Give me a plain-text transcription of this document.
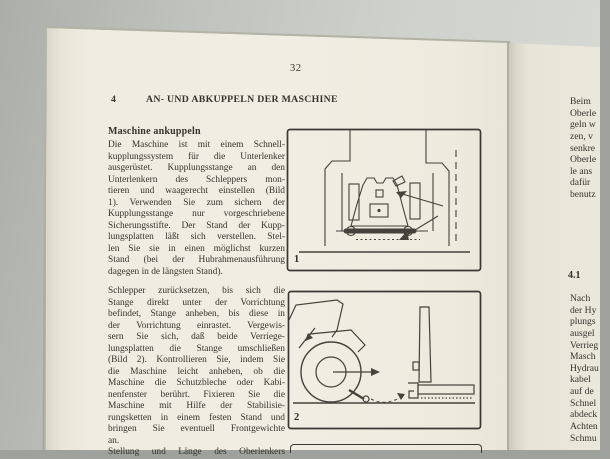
32
4	AN- UND ABKUPPELN DER MASCHINE
Maschine ankuppeln
Die Maschine ist mit einem Schnell-
kupplungssystem für die Unterlenker
ausgerüstet. Kupplungsstange an den
Unterlenkern des Schleppers mon-
tieren und waagerecht einstellen (Bild
1). Verwenden Sie zum sichern der
Kupplungsstange nur vorgeschriebene
Sicherungsstifte. Der Stand der Kupp-
lungsplatten läßt sich verstellen. Stel-
len Sie sie in einen möglichst kurzen
Stand (bei der Hubrahmenausführung
dagegen in de längsten Stand).
Schlepper zurücksetzen, bis sich die
Stange direkt unter der Vorrichtung
befindet, Stange anheben, bis diese in
der Vorrichtung einrastet. Vergewis-
sern Sie sich, daß beide Verriege-
lungsplatten die Stange umschließen
(Bild 2). Kontrollieren Sie, indem Sie
die Maschine leicht anheben, ob die
Maschine die Schutzbleche oder Kabi-
nenfenster berührt. Fixieren Sie die
Maschine mit Hilfe der Stabilisie-
rungsketten in einem festen Stand und
bringen Sie eventuell Frontgewichte
an.
Stellung und Länge des Oberlenkers
1
2
Beim
Oberle
geln w
zen, v
senkre
Oberle
le ans
dafür
benutz
4.1
Nach
der Hy
plungs
ausgel
Verrieg
Masch
Hydrau
kabel
auf de
Schnel
abdeck
Achten
Schmu
